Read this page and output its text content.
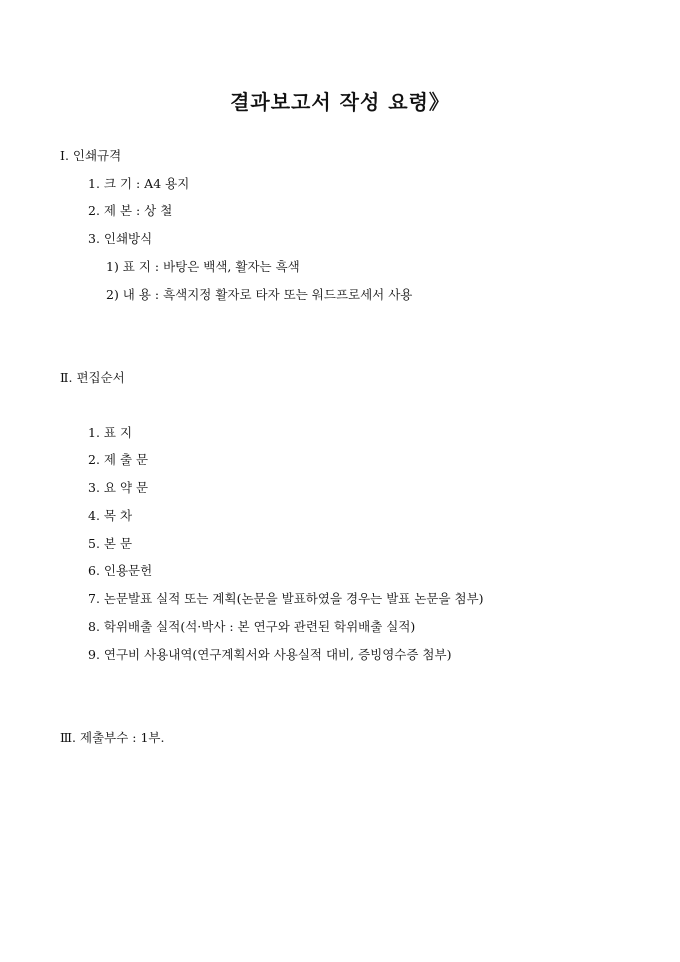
결과보고서 작성 요령》
Ⅰ. 인쇄규격
1. 크 기 : A4 용지
2. 제 본 : 상 철
3. 인쇄방식
1) 표 지 : 바탕은 백색, 활자는 흑색
2) 내 용 : 흑색지정 활자로 타자 또는 워드프로세서 사용
Ⅱ. 편집순서
1. 표 지
2. 제 출 문
3. 요 약 문
4. 목 차
5. 본 문
6. 인용문헌
7. 논문발표 실적 또는 계획(논문을 발표하였을 경우는 발표 논문을 첨부)
8. 학위배출 실적(석·박사 : 본 연구와 관련된 학위배출 실적)
9. 연구비 사용내역(연구계획서와 사용실적 대비, 증빙영수증 첨부)
Ⅲ. 제출부수 : 1부.
